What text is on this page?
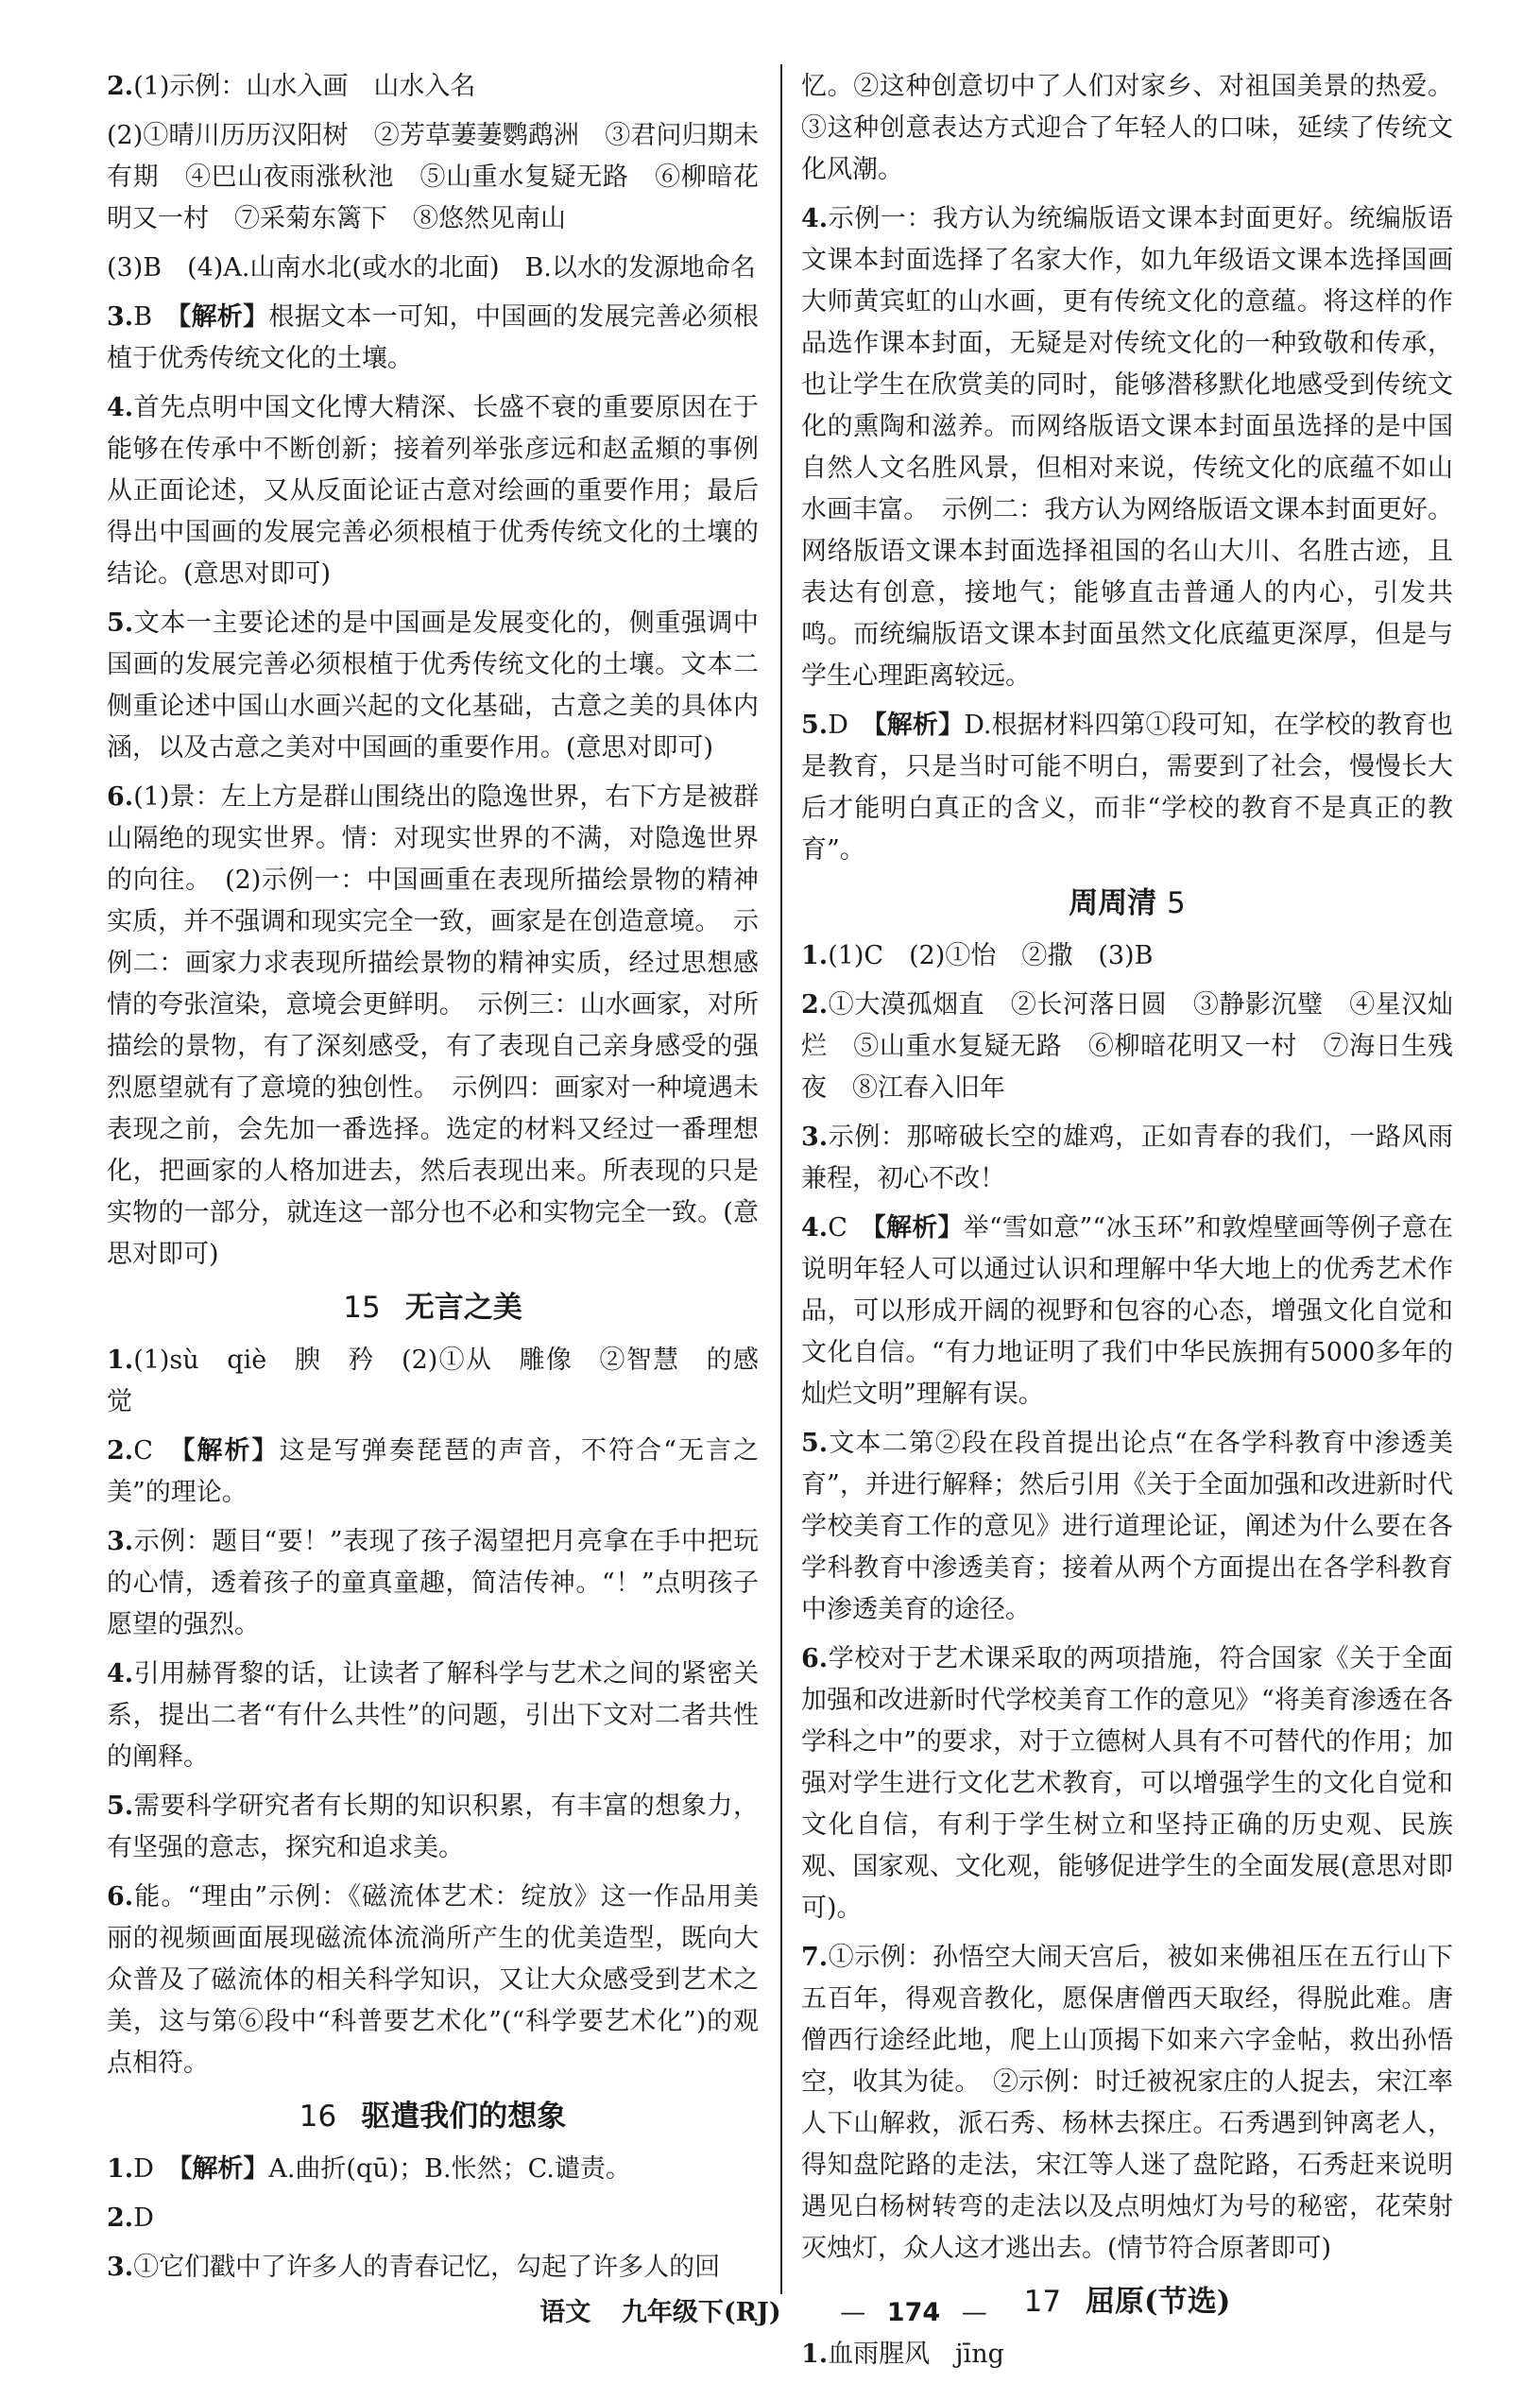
2.(1)示例：山水入画　山水入名

(2)①晴川历历汉阳树　②芳草萋萋鹦鹉洲　③君问归期未有期　④巴山夜雨涨秋池　⑤山重水复疑无路　⑥柳暗花明又一村　⑦采菊东篱下　⑧悠然见南山

(3)B　(4)A.山南水北(或水的北面)　B.以水的发源地命名

3.B　【解析】根据文本一可知，中国画的发展完善必须根植于优秀传统文化的土壤。

4.首先点明中国文化博大精深、长盛不衰的重要原因在于能够在传承中不断创新；接着列举张彦远和赵孟頫的事例从正面论述，又从反面论证古意对绘画的重要作用；最后得出中国画的发展完善必须根植于优秀传统文化的土壤的结论。(意思对即可)

5.文本一主要论述的是中国画是发展变化的，侧重强调中国画的发展完善必须根植于优秀传统文化的土壤。文本二侧重论述中国山水画兴起的文化基础，古意之美的具体内涵，以及古意之美对中国画的重要作用。(意思对即可)

6.(1)景：左上方是群山围绕出的隐逸世界，右下方是被群山隔绝的现实世界。情：对现实世界的不满，对隐逸世界的向往。　(2)示例一：中国画重在表现所描绘景物的精神实质，并不强调和现实完全一致，画家是在创造意境。　示例二：画家力求表现所描绘景物的精神实质，经过思想感情的夸张渲染，意境会更鲜明。　示例三：山水画家，对所描绘的景物，有了深刻感受，有了表现自己亲身感受的强烈愿望就有了意境的独创性。　示例四：画家对一种境遇未表现之前，会先加一番选择。选定的材料又经过一番理想化，把画家的人格加进去，然后表现出来。所表现的只是实物的一部分，就连这一部分也不必和实物完全一致。(意思对即可)

15 无言之美

1.(1)sù　qiè　腴　矜　(2)①从　雕像　②智慧　的感觉

2.C　【解析】这是写弹奏琵琶的声音，不符合“无言之美”的理论。

3.示例：题目“要！”表现了孩子渴望把月亮拿在手中把玩的心情，透着孩子的童真童趣，简洁传神。“！”点明孩子愿望的强烈。

4.引用赫胥黎的话，让读者了解科学与艺术之间的紧密关系，提出二者“有什么共性”的问题，引出下文对二者共性的阐释。

5.需要科学研究者有长期的知识积累，有丰富的想象力，有坚强的意志，探究和追求美。

6.能。“理由”示例：《磁流体艺术：绽放》这一作品用美丽的视频画面展现磁流体流淌所产生的优美造型，既向大众普及了磁流体的相关科学知识，又让大众感受到艺术之美，这与第⑥段中“科普要艺术化”(“科学要艺术化”)的观点相符。

16 驱遣我们的想象

1.D　【解析】A.曲折(qū)；B.怅然；C.谴责。

2.D

3.①它们戳中了许多人的青春记忆，勾起了许多人的回

忆。②这种创意切中了人们对家乡、对祖国美景的热爱。③这种创意表达方式迎合了年轻人的口味，延续了传统文化风潮。

4.示例一：我方认为统编版语文课本封面更好。统编版语文课本封面选择了名家大作，如九年级语文课本选择国画大师黄宾虹的山水画，更有传统文化的意蕴。将这样的作品选作课本封面，无疑是对传统文化的一种致敬和传承，也让学生在欣赏美的同时，能够潜移默化地感受到传统文化的熏陶和滋养。而网络版语文课本封面虽选择的是中国自然人文名胜风景，但相对来说，传统文化的底蕴不如山水画丰富。　示例二：我方认为网络版语文课本封面更好。网络版语文课本封面选择祖国的名山大川、名胜古迹，且表达有创意，接地气；能够直击普通人的内心，引发共鸣。而统编版语文课本封面虽然文化底蕴更深厚，但是与学生心理距离较远。

5.D　【解析】D.根据材料四第①段可知，在学校的教育也是教育，只是当时可能不明白，需要到了社会，慢慢长大后才能明白真正的含义，而非“学校的教育不是真正的教育”。

周周清 5

1.(1)C　(2)①怡　②撒　(3)B

2.①大漠孤烟直　②长河落日圆　③静影沉璧　④星汉灿烂　⑤山重水复疑无路　⑥柳暗花明又一村　⑦海日生残夜　⑧江春入旧年

3.示例：那啼破长空的雄鸡，正如青春的我们，一路风雨兼程，初心不改！

4.C　【解析】举“雪如意”“冰玉环”和敦煌壁画等例子意在说明年轻人可以通过认识和理解中华大地上的优秀艺术作品，可以形成开阔的视野和包容的心态，增强文化自觉和文化自信。“有力地证明了我们中华民族拥有5000多年的灿烂文明”理解有误。

5.文本二第②段在段首提出论点“在各学科教育中渗透美育”，并进行解释；然后引用《关于全面加强和改进新时代学校美育工作的意见》进行道理论证，阐述为什么要在各学科教育中渗透美育；接着从两个方面提出在各学科教育中渗透美育的途径。

6.学校对于艺术课采取的两项措施，符合国家《关于全面加强和改进新时代学校美育工作的意见》“将美育渗透在各学科之中”的要求，对于立德树人具有不可替代的作用；加强对学生进行文化艺术教育，可以增强学生的文化自觉和文化自信，有利于学生树立和坚持正确的历史观、民族观、国家观、文化观，能够促进学生的全面发展(意思对即可)。

7.①示例：孙悟空大闹天宫后，被如来佛祖压在五行山下五百年，得观音教化，愿保唐僧西天取经，得脱此难。唐僧西行途经此地，爬上山顶揭下如来六字金帖，救出孙悟空，收其为徒。　②示例：时迁被祝家庄的人捉去，宋江率人下山解救，派石秀、杨林去探庄。石秀遇到钟离老人，得知盘陀路的走法，宋江等人迷了盘陀路，石秀赶来说明遇见白杨树转弯的走法以及点明烛灯为号的秘密，花荣射灭烛灯，众人这才逃出去。(情节符合原著即可)

17 屈原(节选)

1.血雨腥风　jīng

语文 九年级下(RJ) — 174 —
